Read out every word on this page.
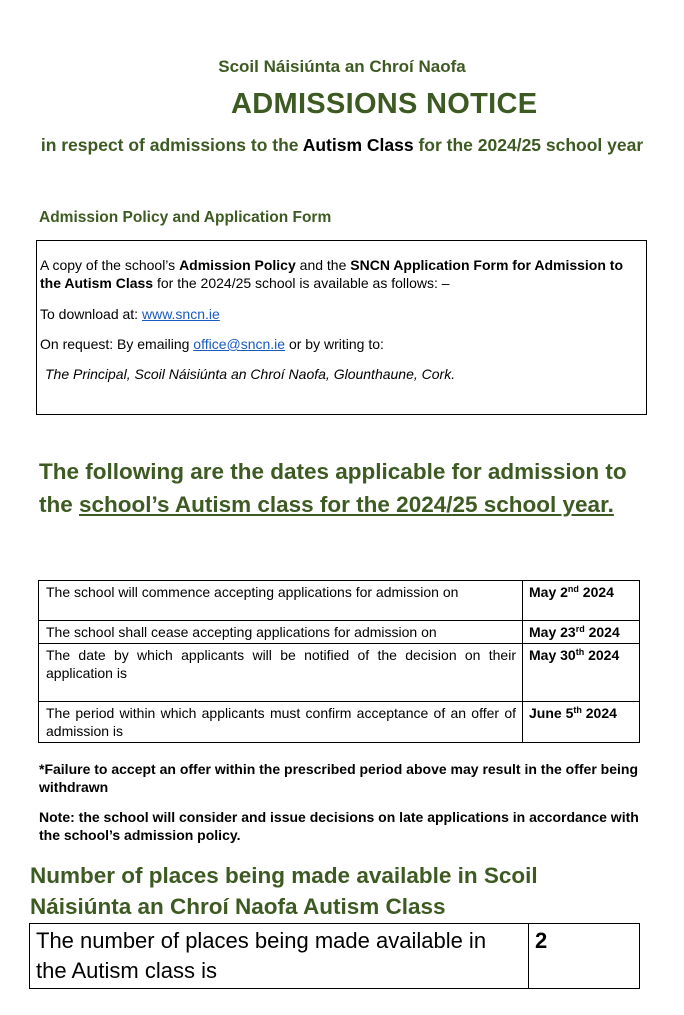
Scoil Náisiúnta an Chroí Naofa
ADMISSIONS NOTICE
in respect of admissions to the Autism Class for the 2024/25 school year
Admission Policy and Application Form

A copy of the school’s Admission Policy and the SNCN Application Form for Admission to the Autism Class for the 2024/25 school is available as follows: –

To download at: www.sncn.ie

On request: By emailing office@sncn.ie or by writing to:

The Principal, Scoil Náisiúnta an Chroí Naofa, Glounthaune, Cork.

The following are the dates applicable for admission to the school’s Autism class for the 2024/25 school year.
The school will commence accepting applications for admission on	May 2nd 2024
The school shall cease accepting applications for admission on	May 23rd 2024
The date by which applicants will be notified of the decision on their application is	May 30th 2024
The period within which applicants must confirm acceptance of an offer of admission is	June 5th 2024
*Failure to accept an offer within the prescribed period above may result in the offer being withdrawn
Note: the school will consider and issue decisions on late applications in accordance with the school’s admission policy.
Number of places being made available in Scoil
Náisiúnta an Chroí Naofa Autism Class
The number of places being made available in the Autism class is	2
